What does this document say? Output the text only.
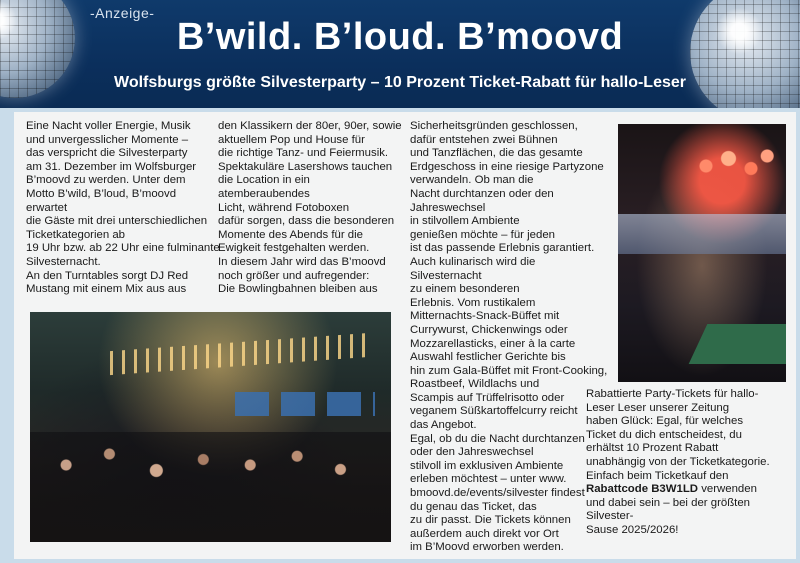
-Anzeige-
B’wild. B’loud. B’moovd
Wolfsburgs größte Silvesterparty – 10 Prozent Ticket-Rabatt für hallo-Leser

Eine Nacht voller Energie, Musik
und unvergesslicher Momente –
das verspricht die Silvesterparty
am 31. Dezember im Wolfsburger
B’moovd zu werden. Unter dem
Motto B’wild, B’loud, B’moovd
erwartet
die Gäste mit drei unterschiedlichen
Ticketkategorien ab
19 Uhr bzw. ab 22 Uhr eine fulminante
Silvesternacht.
An den Turntables sorgt DJ Red
Mustang mit einem Mix aus aus

den Klassikern der 80er, 90er, sowie
aktuellem Pop und House für
die richtige Tanz- und Feiermusik.
Spektakuläre Lasershows tauchen
die Location in ein
atemberaubendes
Licht, während Fotoboxen
dafür sorgen, dass die besonderen
Momente des Abends für die
Ewigkeit festgehalten werden.
In diesem Jahr wird das B’moovd
noch größer und aufregender:
Die Bowlingbahnen bleiben aus

Sicherheitsgründen geschlossen,
dafür entstehen zwei Bühnen
und Tanzflächen, die das gesamte
Erdgeschoss in eine riesige Partyzone
verwandeln. Ob man die
Nacht durchtanzen oder den
Jahreswechsel
in stilvollem Ambiente
genießen möchte – für jeden
ist das passende Erlebnis garantiert.
Auch kulinarisch wird die Silvesternacht
zu einem besonderen
Erlebnis. Vom rustikalem
Mitternachts-Snack-Büffet mit
Currywurst, Chickenwings oder
Mozzarellasticks, einer à la carte
Auswahl festlicher Gerichte bis
hin zum Gala-Büffet mit Front-Cooking,
Roastbeef, Wildlachs und
Scampis auf Trüffelrisotto oder
veganem Süßkartoffelcurry reicht
das Angebot.
Egal, ob du die Nacht durchtanzen
oder den Jahreswechsel
stilvoll im exklusiven Ambiente
erleben möchtest – unter www.
bmoovd.de/events/silvester findest
du genau das Ticket, das
zu dir passt. Die Tickets können
außerdem auch direkt vor Ort
im B’Moovd erworben werden.

Rabattierte Party-Tickets für hallo-
Leser Leser unserer Zeitung
haben Glück: Egal, für welches
Ticket du dich entscheidest, du
erhältst 10 Prozent Rabatt
unabhängig von der Ticketkategorie.
Einfach beim Ticketkauf den

Rabattcode B3W1LD verwenden

und dabei sein – bei der größten
Silvester-
Sause 2025/2026!
